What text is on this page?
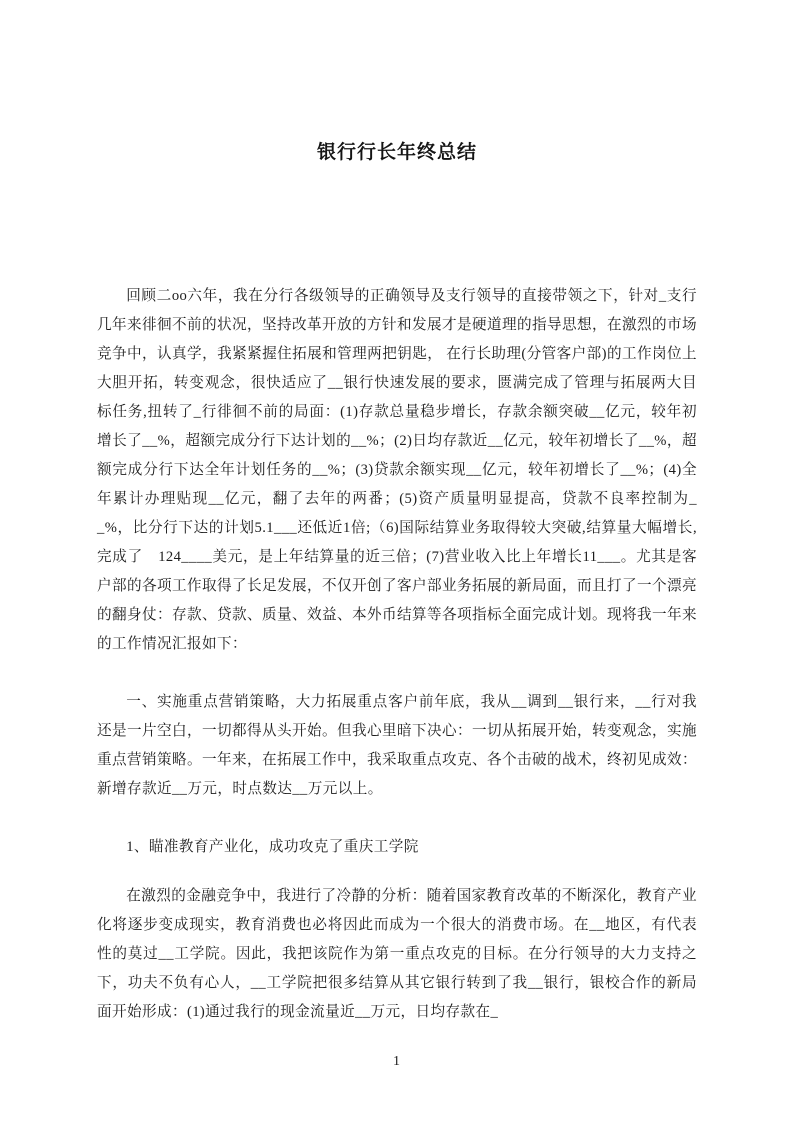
银行行长年终总结

回顾二oo六年，我在分行各级领导的正确领导及支行领导的直接带领之下，针对_支行几年来徘徊不前的状况，坚持改革开放的方针和发展才是硬道理的指导思想，在激烈的市场竞争中，认真学，我紧紧握住拓展和管理两把钥匙， 在行长助理(分管客户部)的工作岗位上大胆开拓，转变观念，很快适应了__银行快速发展的要求，匮满完成了管理与拓展两大目标任务,扭转了_行徘徊不前的局面：(1)存款总量稳步增长，存款余额突破__亿元，较年初增长了__%，超额完成分行下达计划的__%；(2)日均存款近__亿元，较年初增长了__%，超额完成分行下达全年计划任务的__%；(3)贷款余额实现__亿元，较年初增长了__%；(4)全年累计办理贴现__亿元，翻了去年的两番；(5)资产质量明显提高，贷款不良率控制为__%，比分行下达的计划5.1___还低近1倍;（6)国际结算业务取得较大突破,结算量大幅增长,完成了　124____美元，是上年结算量的近三倍；(7)营业收入比上年增长11___。尤其是客户部的各项工作取得了长足发展，不仅开创了客户部业务拓展的新局面，而且打了一个漂亮的翻身仗：存款、贷款、质量、效益、本外币结算等各项指标全面完成计划。现将我一年来的工作情况汇报如下：

一、实施重点营销策略，大力拓展重点客户前年底，我从__调到__银行来，__行对我还是一片空白，一切都得从头开始。但我心里暗下决心：一切从拓展开始，转变观念，实施重点营销策略。一年来，在拓展工作中，我采取重点攻克、各个击破的战术，终初见成效：新增存款近__万元，时点数达__万元以上。

1、瞄准教育产业化，成功攻克了重庆工学院

在激烈的金融竞争中，我进行了冷静的分析：随着国家教育改革的不断深化，教育产业化将逐步变成现实，教育消费也必将因此而成为一个很大的消费市场。在__地区，有代表性的莫过__工学院。因此，我把该院作为第一重点攻克的目标。在分行领导的大力支持之下，功夫不负有心人，__工学院把很多结算从其它银行转到了我__银行，银校合作的新局面开始形成：(1)通过我行的现金流量近__万元，日均存款在_

1
